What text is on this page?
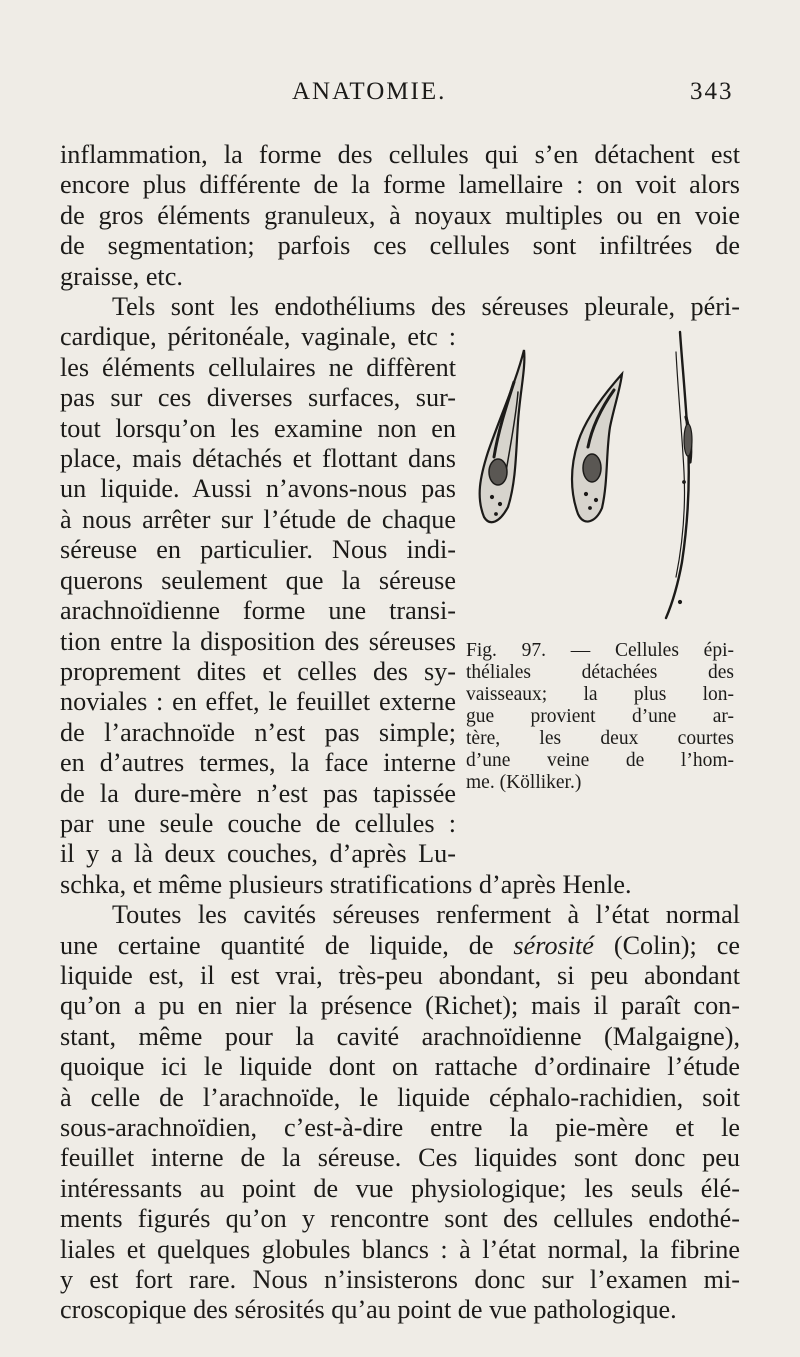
ANATOMIE.	343
inflammation, la forme des cellules qui s’en détachent est
encore plus différente de la forme lamellaire : on voit alors
de gros éléments granuleux, à noyaux multiples ou en voie
de segmentation; parfois ces cellules sont infiltrées de
graisse, etc.
Tels sont les endothéliums des séreuses pleurale, péri-
cardique, péritonéale, vaginale, etc :
les éléments cellulaires ne diffèrent
pas sur ces diverses surfaces, sur-
tout lorsqu’on les examine non en
place, mais détachés et flottant dans
un liquide. Aussi n’avons-nous pas
à nous arrêter sur l’étude de chaque
séreuse en particulier. Nous indi-
querons seulement que la séreuse
arachnoïdienne forme une transi-
tion entre la disposition des séreuses
proprement dites et celles des sy-
noviales : en effet, le feuillet externe
de l’arachnoïde n’est pas simple;
en d’autres termes, la face interne
de la dure-mère n’est pas tapissée
par une seule couche de cellules :
il y a là deux couches, d’après Lu-
Fig. 97. — Cellules épi-
théliales détachées des
vaisseaux; la plus lon-
gue provient d’une ar-
tère, les deux courtes
d’une veine de l’hom-
me. (Kölliker.)
schka, et même plusieurs stratifications d’après Henle.
Toutes les cavités séreuses renferment à l’état normal
une certaine quantité de liquide, de sérosité (Colin); ce
liquide est, il est vrai, très-peu abondant, si peu abondant
qu’on a pu en nier la présence (Richet); mais il paraît con-
stant, même pour la cavité arachnoïdienne (Malgaigne),
quoique ici le liquide dont on rattache d’ordinaire l’étude
à celle de l’arachnoïde, le liquide céphalo-rachidien, soit
sous-arachnoïdien, c’est-à-dire entre la pie-mère et le
feuillet interne de la séreuse. Ces liquides sont donc peu
intéressants au point de vue physiologique; les seuls élé-
ments figurés qu’on y rencontre sont des cellules endothé-
liales et quelques globules blancs : à l’état normal, la fibrine
y est fort rare. Nous n’insisterons donc sur l’examen mi-
croscopique des sérosités qu’au point de vue pathologique.
